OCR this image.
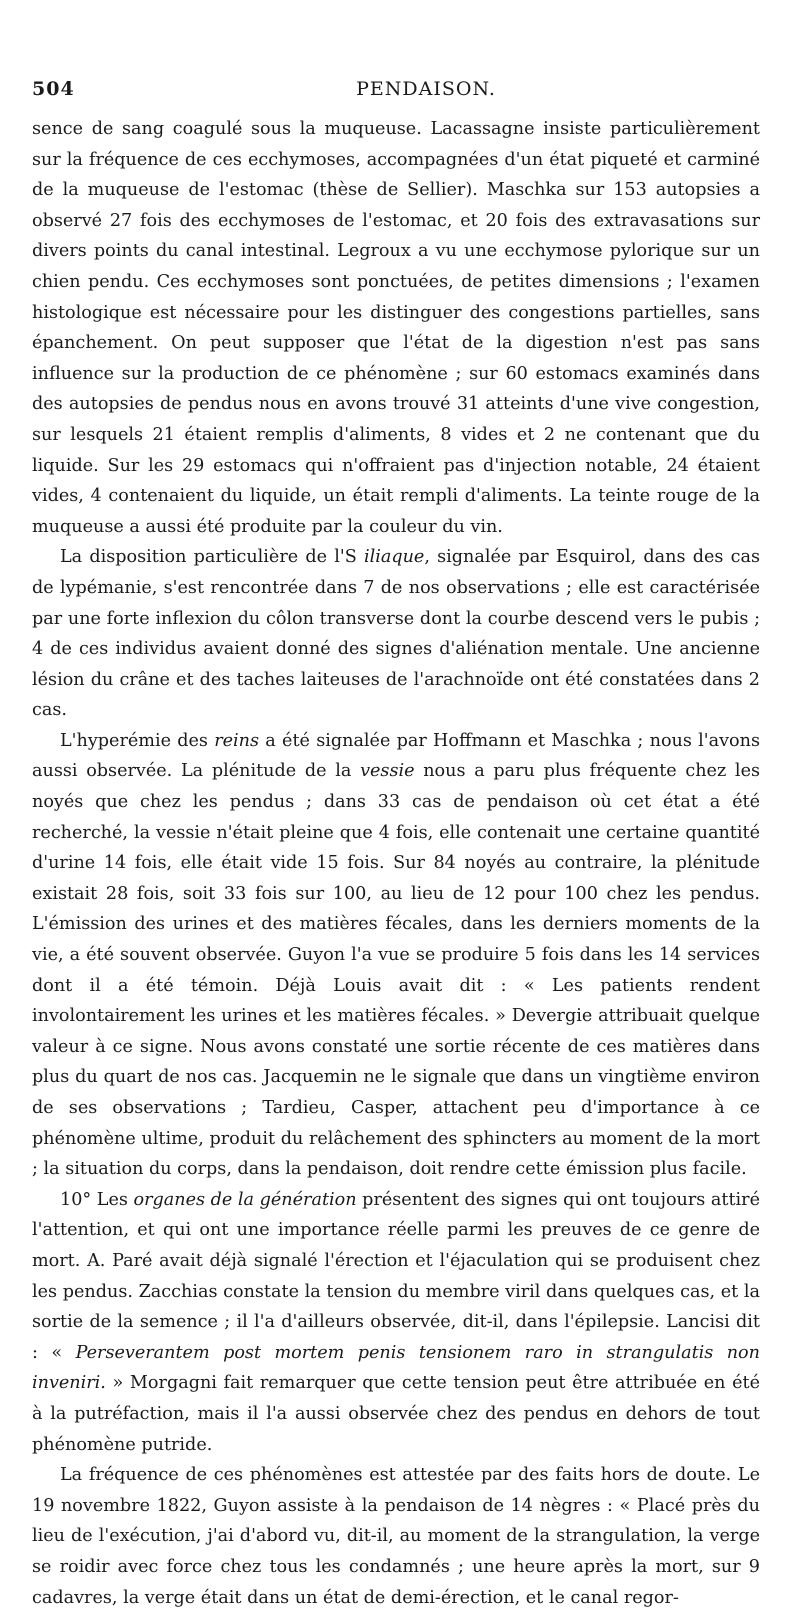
504	PENDAISON.

sence de sang coagulé sous la muqueuse. Lacassagne insiste particulièrement sur la fréquence de ces ecchymoses, accompagnées d'un état piqueté et carminé de la muqueuse de l'estomac (thèse de Sellier). Maschka sur 153 autopsies a observé 27 fois des ecchymoses de l'estomac, et 20 fois des extravasations sur divers points du canal intestinal. Legroux a vu une ecchymose pylorique sur un chien pendu. Ces ecchymoses sont ponctuées, de petites dimensions ; l'examen histologique est nécessaire pour les distinguer des congestions partielles, sans épanchement. On peut supposer que l'état de la digestion n'est pas sans influence sur la production de ce phénomène ; sur 60 estomacs examinés dans des autopsies de pendus nous en avons trouvé 31 atteints d'une vive congestion, sur lesquels 21 étaient remplis d'aliments, 8 vides et 2 ne contenant que du liquide. Sur les 29 estomacs qui n'offraient pas d'injection notable, 24 étaient vides, 4 contenaient du liquide, un était rempli d'aliments. La teinte rouge de la muqueuse a aussi été produite par la couleur du vin.

La disposition particulière de l'S iliaque, signalée par Esquirol, dans des cas de lypémanie, s'est rencontrée dans 7 de nos observations ; elle est caractérisée par une forte inflexion du côlon transverse dont la courbe descend vers le pubis ; 4 de ces individus avaient donné des signes d'aliénation mentale. Une ancienne lésion du crâne et des taches laiteuses de l'arachnoïde ont été constatées dans 2 cas.

L'hyperémie des reins a été signalée par Hoffmann et Maschka ; nous l'avons aussi observée. La plénitude de la vessie nous a paru plus fréquente chez les noyés que chez les pendus ; dans 33 cas de pendaison où cet état a été recherché, la vessie n'était pleine que 4 fois, elle contenait une certaine quantité d'urine 14 fois, elle était vide 15 fois. Sur 84 noyés au contraire, la plénitude existait 28 fois, soit 33 fois sur 100, au lieu de 12 pour 100 chez les pendus. L'émission des urines et des matières fécales, dans les derniers moments de la vie, a été souvent observée. Guyon l'a vue se produire 5 fois dans les 14 services dont il a été témoin. Déjà Louis avait dit : « Les patients rendent involontairement les urines et les matières fécales. » Devergie attribuait quelque valeur à ce signe. Nous avons constaté une sortie récente de ces matières dans plus du quart de nos cas. Jacquemin ne le signale que dans un vingtième environ de ses observations ; Tardieu, Casper, attachent peu d'importance à ce phénomène ultime, produit du relâchement des sphincters au moment de la mort ; la situation du corps, dans la pendaison, doit rendre cette émission plus facile.

10° Les organes de la génération présentent des signes qui ont toujours attiré l'attention, et qui ont une importance réelle parmi les preuves de ce genre de mort. A. Paré avait déjà signalé l'érection et l'éjaculation qui se produisent chez les pendus. Zacchias constate la tension du membre viril dans quelques cas, et la sortie de la semence ; il l'a d'ailleurs observée, dit-il, dans l'épilepsie. Lancisi dit : « Perseverantem post mortem penis tensionem raro in strangulatis non inveniri. » Morgagni fait remarquer que cette tension peut être attribuée en été à la putréfaction, mais il l'a aussi observée chez des pendus en dehors de tout phénomène putride.

La fréquence de ces phénomènes est attestée par des faits hors de doute. Le 19 novembre 1822, Guyon assiste à la pendaison de 14 nègres : « Placé près du lieu de l'exécution, j'ai d'abord vu, dit-il, au moment de la strangulation, la verge se roidir avec force chez tous les condamnés ; une heure après la mort, sur 9 cadavres, la verge était dans un état de demi-érection, et le canal regor-
